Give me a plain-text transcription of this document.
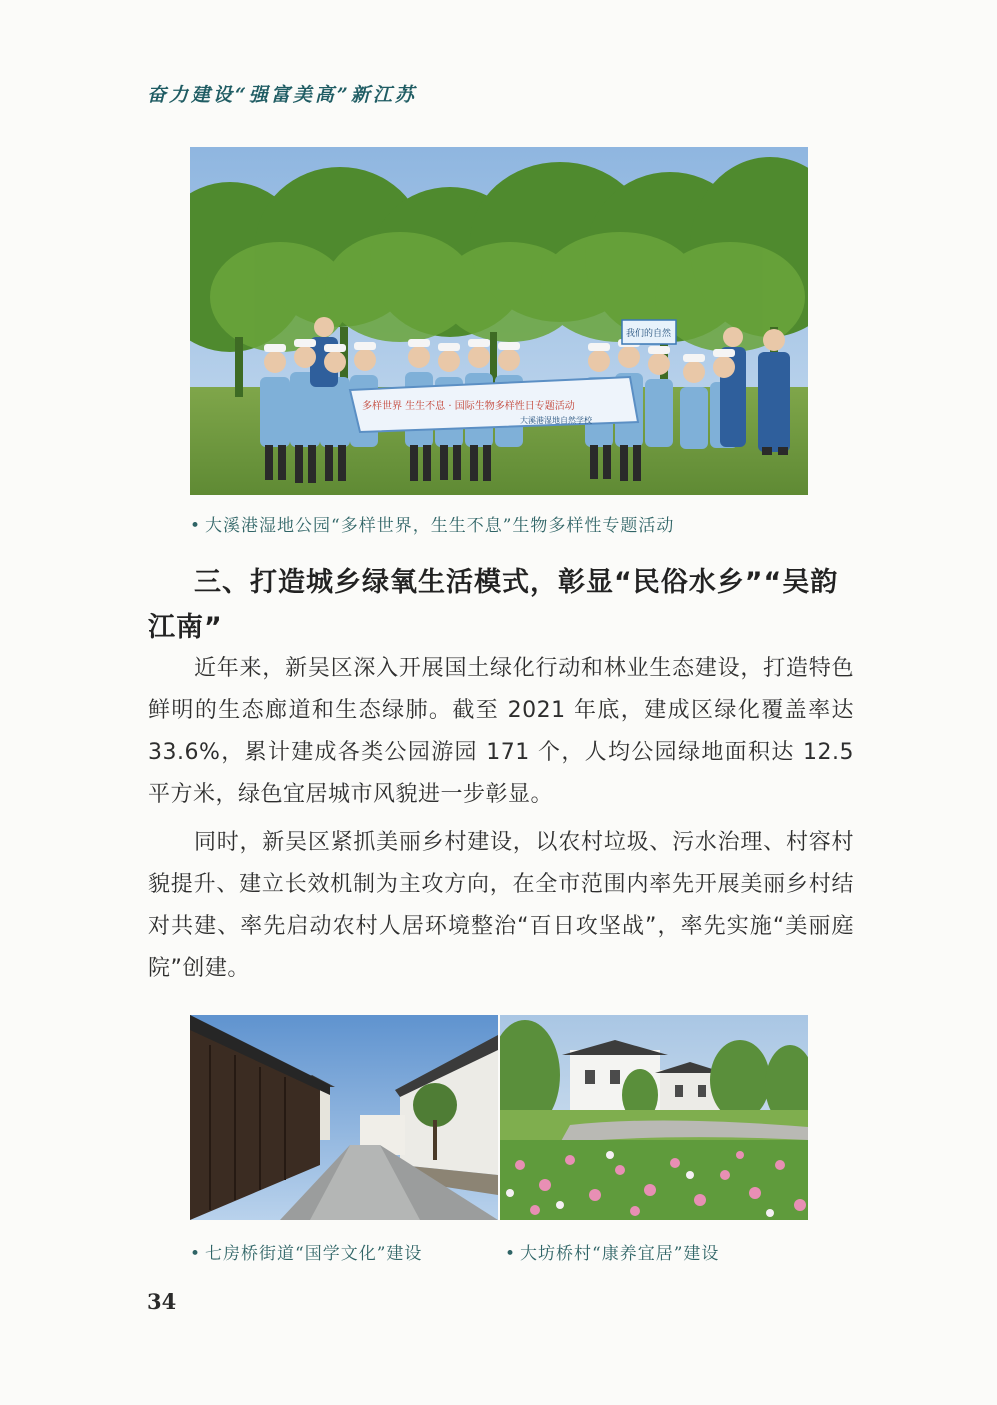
奋力建设“强富美高”新江苏
多样世界 生生不息 · 国际生物多样性日专题活动
大溪港湿地自然学校
我们的自然
• 大溪港湿地公园“多样世界，生生不息”生物多样性专题活动
三、打造城乡绿氧生活模式，彰显“民俗水乡”“吴韵江南”

近年来，新吴区深入开展国土绿化行动和林业生态建设，打造特色鲜明的生态廊道和生态绿肺。截至 2021 年底，建成区绿化覆盖率达 33.6%，累计建成各类公园游园 171 个，人均公园绿地面积达 12.5 平方米，绿色宜居城市风貌进一步彰显。

同时，新吴区紧抓美丽乡村建设，以农村垃圾、污水治理、村容村貌提升、建立长效机制为主攻方向，在全市范围内率先开展美丽乡村结对共建、率先启动农村人居环境整治“百日攻坚战”，率先实施“美丽庭院”创建。

• 七房桥街道“国学文化”建设	• 大坊桥村“康养宜居”建设
34
